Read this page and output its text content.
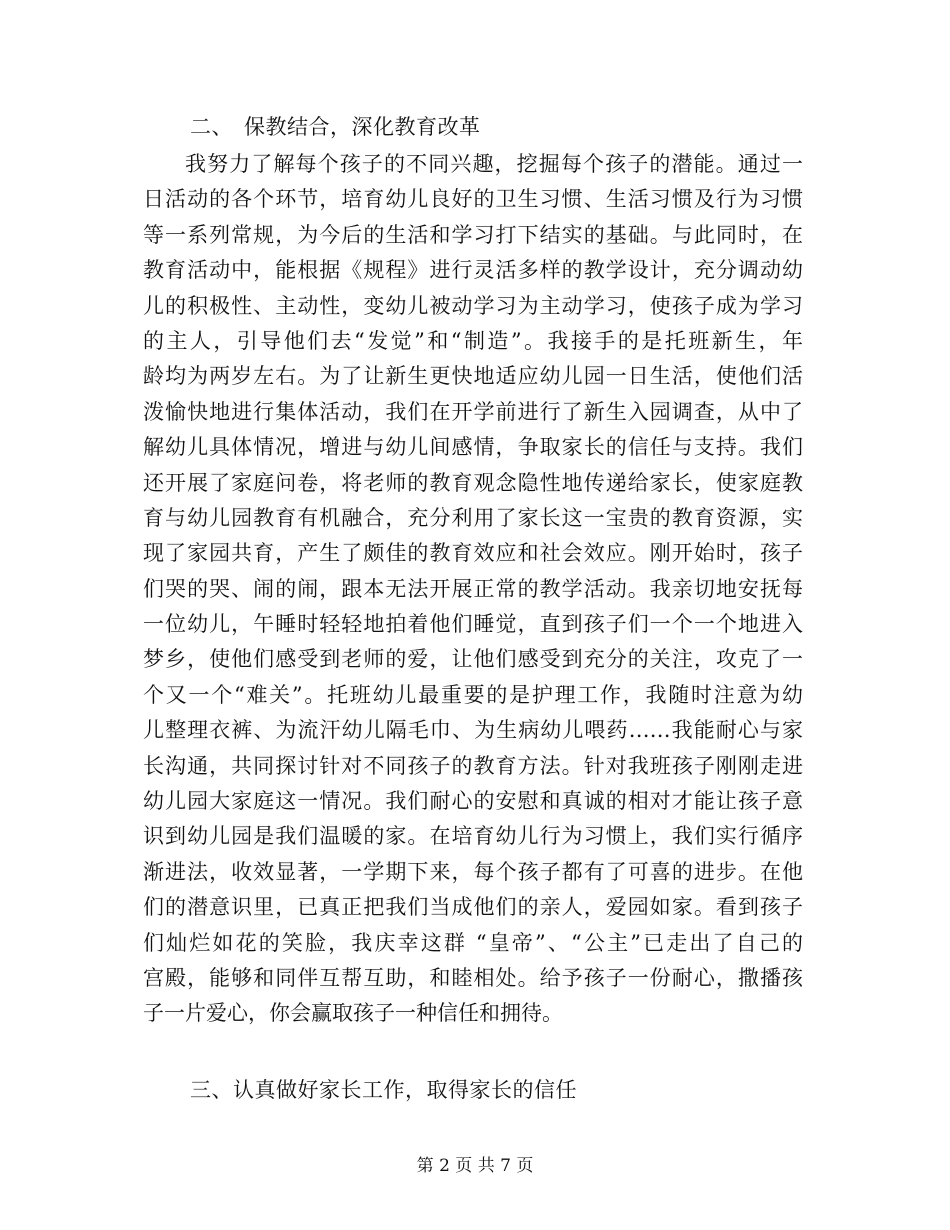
二、　保教结合，深化教育改革
我努力了解每个孩子的不同兴趣，挖掘每个孩子的潜能。通过一
日活动的各个环节，培育幼儿良好的卫生习惯、生活习惯及行为习惯
等一系列常规，为今后的生活和学习打下结实的基础。与此同时，在
教育活动中，能根据《规程》进行灵活多样的教学设计，充分调动幼
儿的积极性、主动性，变幼儿被动学习为主动学习，使孩子成为学习
的主人，引导他们去“发觉”和“制造”。我接手的是托班新生，年
龄均为两岁左右。为了让新生更快地适应幼儿园一日生活，使他们活
泼愉快地进行集体活动，我们在开学前进行了新生入园调查，从中了
解幼儿具体情况，增进与幼儿间感情，争取家长的信任与支持。我们
还开展了家庭问卷，将老师的教育观念隐性地传递给家长，使家庭教
育与幼儿园教育有机融合，充分利用了家长这一宝贵的教育资源，实
现了家园共育，产生了颇佳的教育效应和社会效应。刚开始时，孩子
们哭的哭、闹的闹，跟本无法开展正常的教学活动。我亲切地安抚每
一位幼儿，午睡时轻轻地拍着他们睡觉，直到孩子们一个一个地进入
梦乡，使他们感受到老师的爱，让他们感受到充分的关注，攻克了一
个又一个“难关”。托班幼儿最重要的是护理工作，我随时注意为幼
儿整理衣裤、为流汗幼儿隔毛巾、为生病幼儿喂药……我能耐心与家
长沟通，共同探讨针对不同孩子的教育方法。针对我班孩子刚刚走进
幼儿园大家庭这一情况。我们耐心的安慰和真诚的相对才能让孩子意
识到幼儿园是我们温暖的家。在培育幼儿行为习惯上，我们实行循序
渐进法，收效显著，一学期下来，每个孩子都有了可喜的进步。在他
们的潜意识里，已真正把我们当成他们的亲人，爱园如家。看到孩子
们灿烂如花的笑脸，我庆幸这群 “皇帝”、“公主”已走出了自己的
宫殿，能够和同伴互帮互助，和睦相处。给予孩子一份耐心，撒播孩
子一片爱心，你会赢取孩子一种信任和拥待。
三、认真做好家长工作，取得家长的信任
第 2 页 共 7 页
